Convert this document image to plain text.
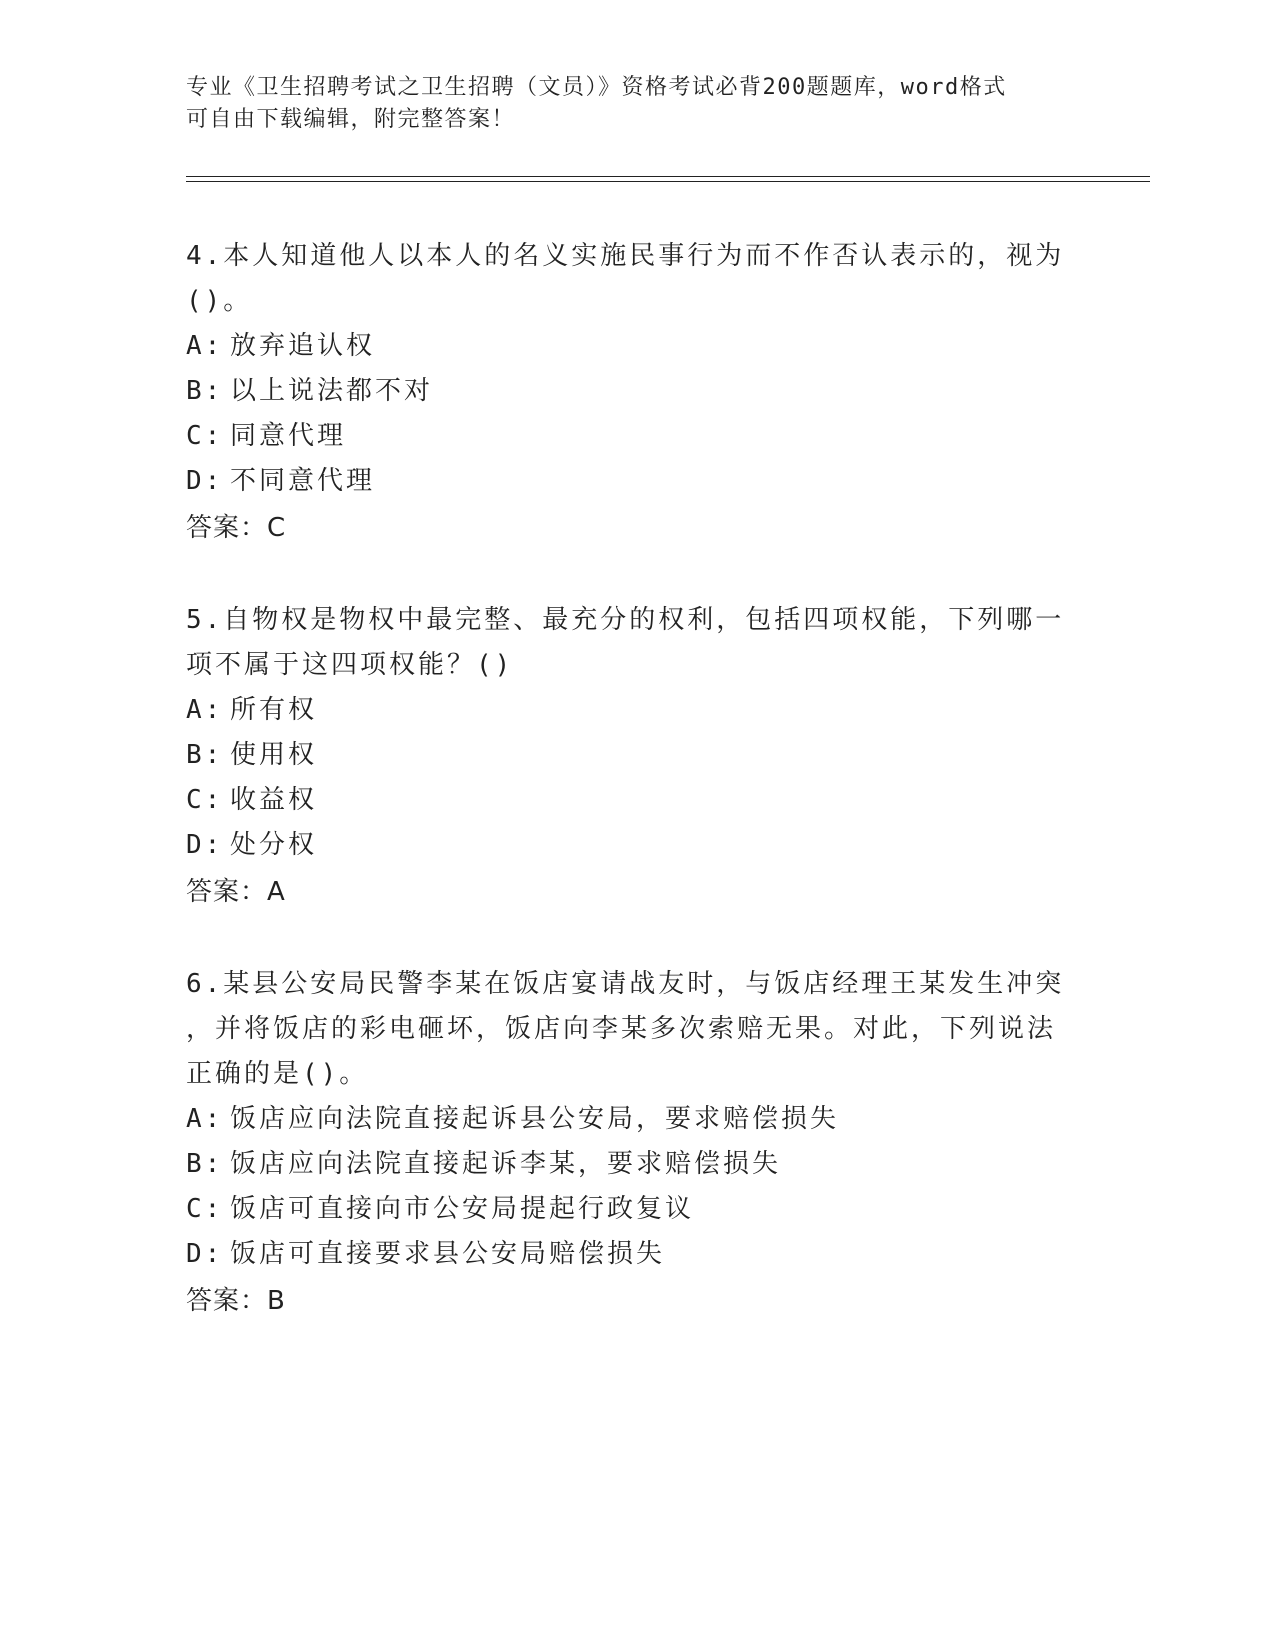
专业《卫生招聘考试之卫生招聘（文员）》资格考试必背200题题库，word格式
可自由下载编辑，附完整答案！
4.本人知道他人以本人的名义实施民事行为而不作否认表示的，视为
()。
A: 放弃追认权
B: 以上说法都不对
C: 同意代理
D: 不同意代理
答案：C
5.自物权是物权中最完整、最充分的权利，包括四项权能，下列哪一
项不属于这四项权能？()
A: 所有权
B: 使用权
C: 收益权
D: 处分权
答案：A
6.某县公安局民警李某在饭店宴请战友时，与饭店经理王某发生冲突
，并将饭店的彩电砸坏，饭店向李某多次索赔无果。对此，下列说法
正确的是()。
A: 饭店应向法院直接起诉县公安局，要求赔偿损失
B: 饭店应向法院直接起诉李某，要求赔偿损失
C: 饭店可直接向市公安局提起行政复议
D: 饭店可直接要求县公安局赔偿损失
答案：B
